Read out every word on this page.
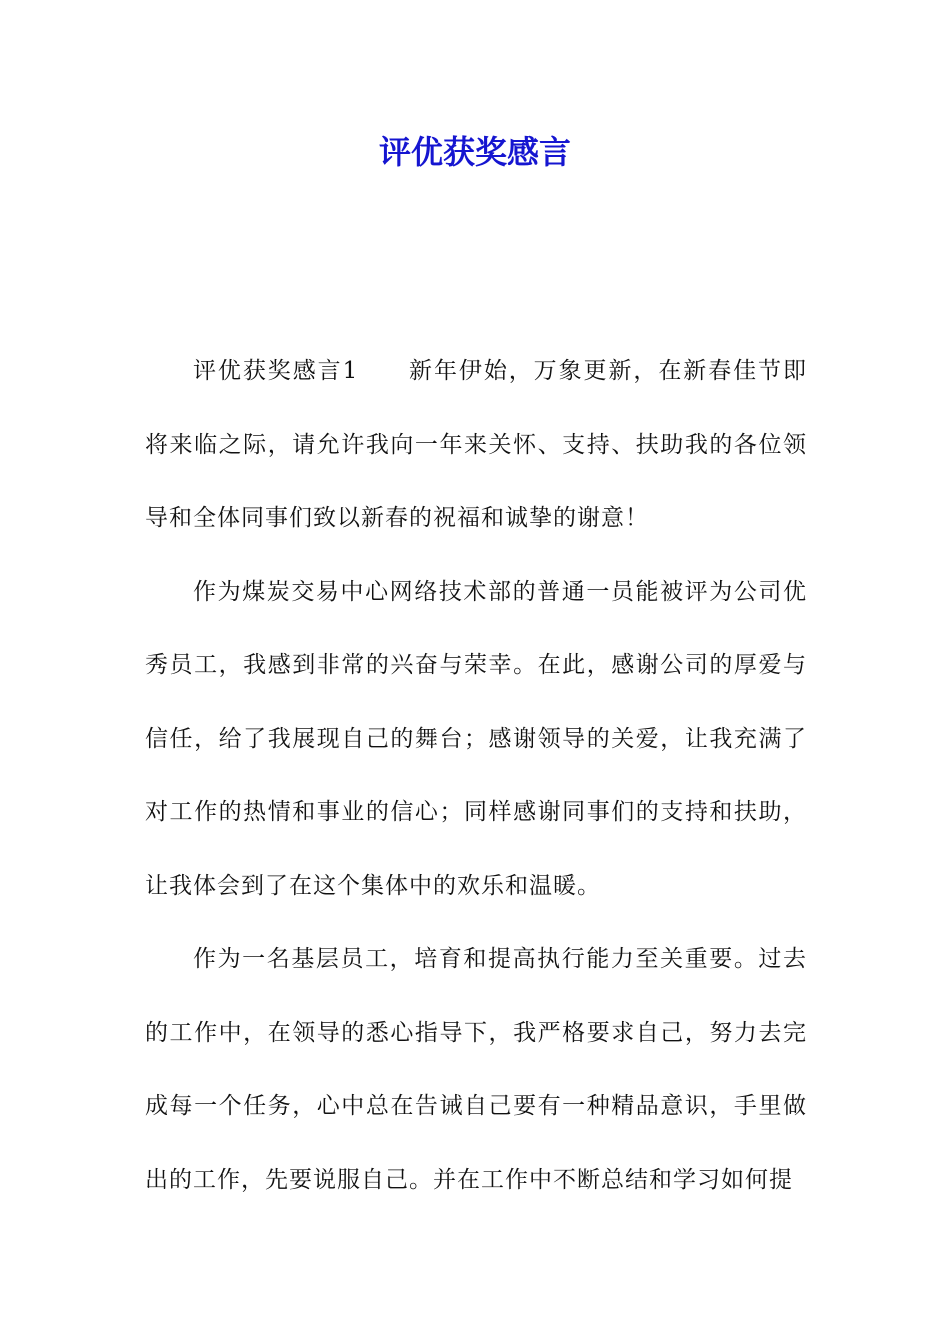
评优获奖感言

评优获奖感言1　　新年伊始，万象更新，在新春佳节即将来临之际，请允许我向一年来关怀、支持、扶助我的各位领导和全体同事们致以新春的祝福和诚挚的谢意！

作为煤炭交易中心网络技术部的普通一员能被评为公司优秀员工，我感到非常的兴奋与荣幸。在此，感谢公司的厚爱与信任，给了我展现自己的舞台；感谢领导的关爱，让我充满了对工作的热情和事业的信心；同样感谢同事们的支持和扶助，让我体会到了在这个集体中的欢乐和温暖。

作为一名基层员工，培育和提高执行能力至关重要。过去的工作中，在领导的悉心指导下，我严格要求自己，努力去完成每一个任务，心中总在告诫自己要有一种精品意识，手里做出的工作，先要说服自己。并在工作中不断总结和学习如何提
